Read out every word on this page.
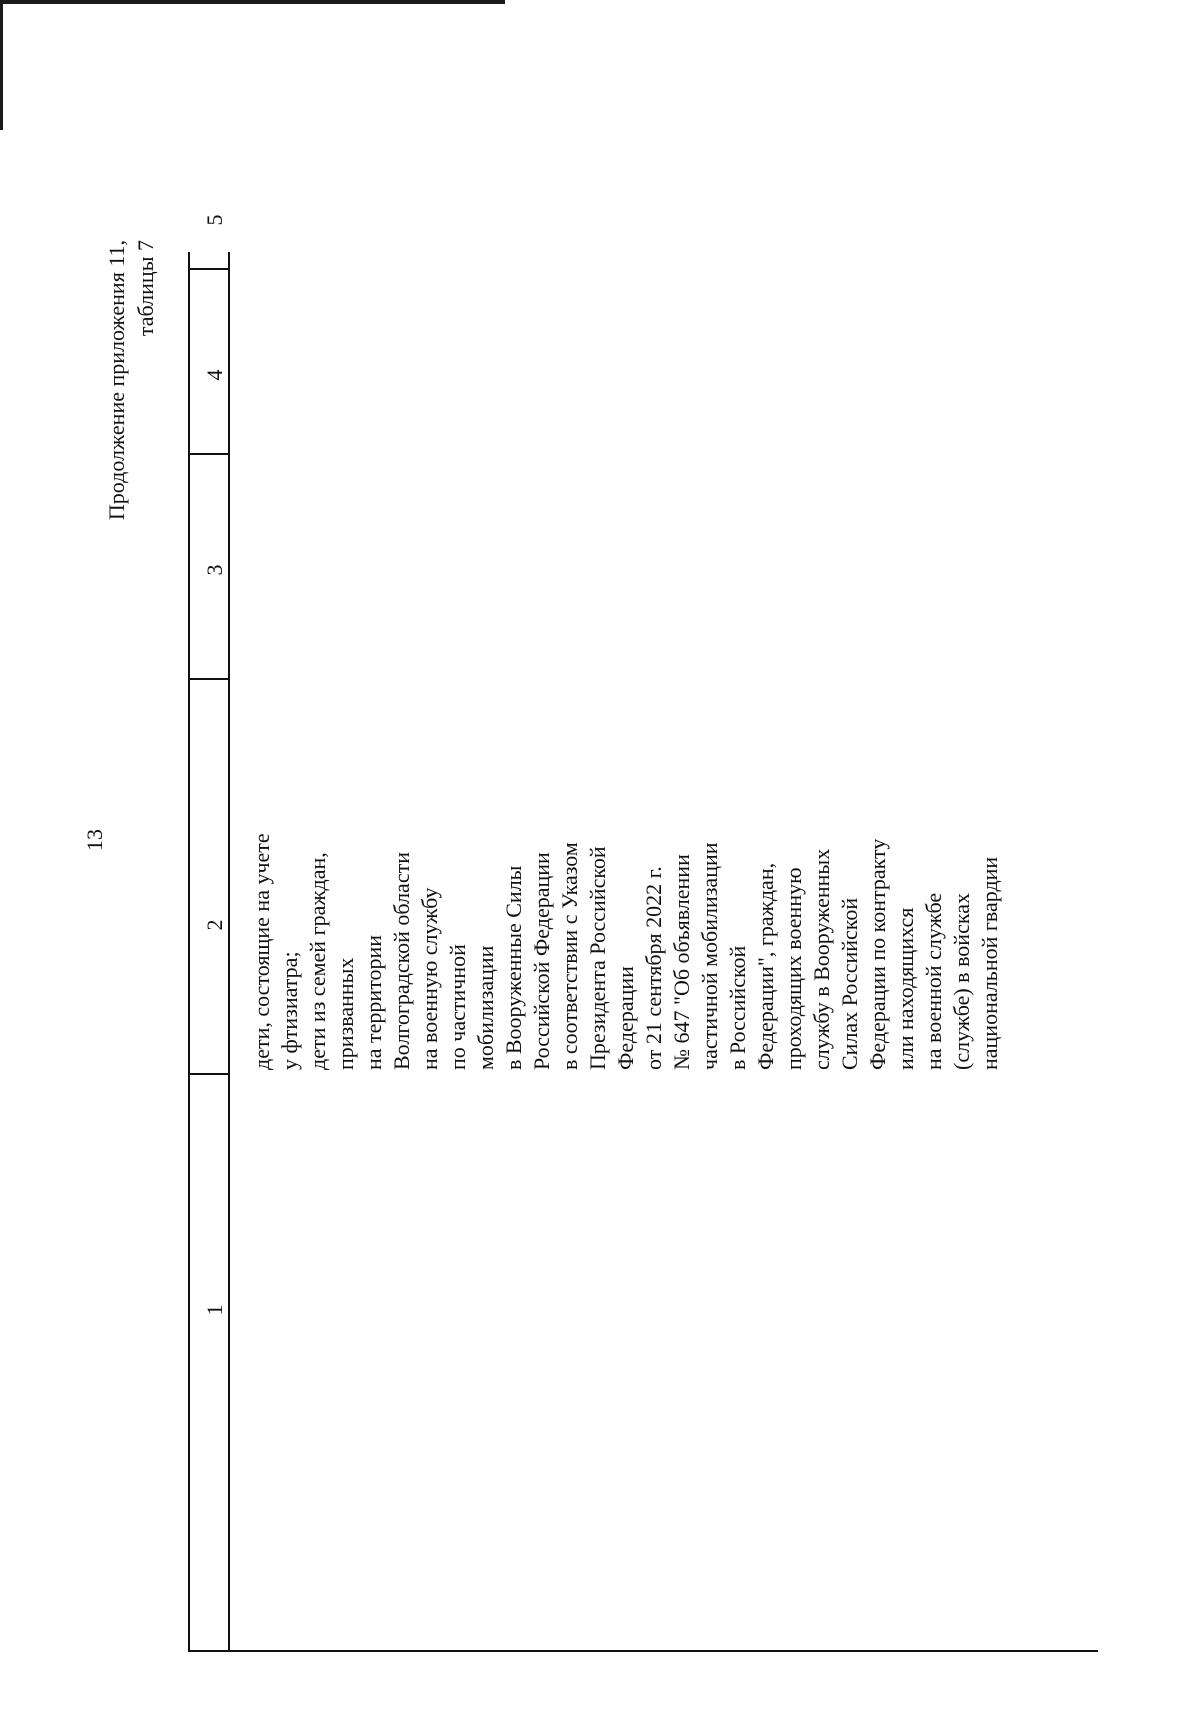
13
Продолжение приложения 11, таблицы 7
1
2
3
4
5
дети, состоящие на учете
у фтизиатра;
дети из семей граждан,
призванных
на территории
Волгоградской области
на военную службу
по частичной
мобилизации
в Вооруженные Силы
Российской Федерации
в соответствии с Указом
Президента Российской
Федерации
от 21 сентября 2022 г.
№ 647 "Об объявлении
частичной мобилизации
в Российской
Федерации", граждан,
проходящих военную
службу в Вооруженных
Силах Российской
Федерации по контракту
или находящихся
на военной службе
(службе) в войсках
национальной гвардии
